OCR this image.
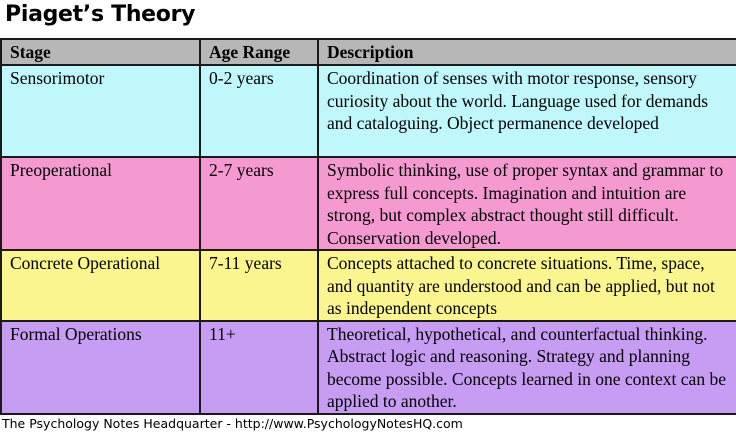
Piaget’s Theory
Stage	Age Range	Description
Sensorimotor	0-2 years	Coordination of senses with motor response, sensory curiosity about the world. Language used for demands and cataloguing. Object permanence developed
Preoperational	2-7 years	Symbolic thinking, use of proper syntax and grammar to express full concepts. Imagination and intuition are strong, but complex abstract thought still difficult. Conservation developed.
Concrete Operational	7-11 years	Concepts attached to concrete situations. Time, space, and quantity are understood and can be applied, but not as independent concepts
Formal Operations	11+	Theoretical, hypothetical, and counterfactual thinking. Abstract logic and reasoning. Strategy and planning become possible. Concepts learned in one context can be applied to another.
The Psychology Notes Headquarter - http://www.PsychologyNotesHQ.com
